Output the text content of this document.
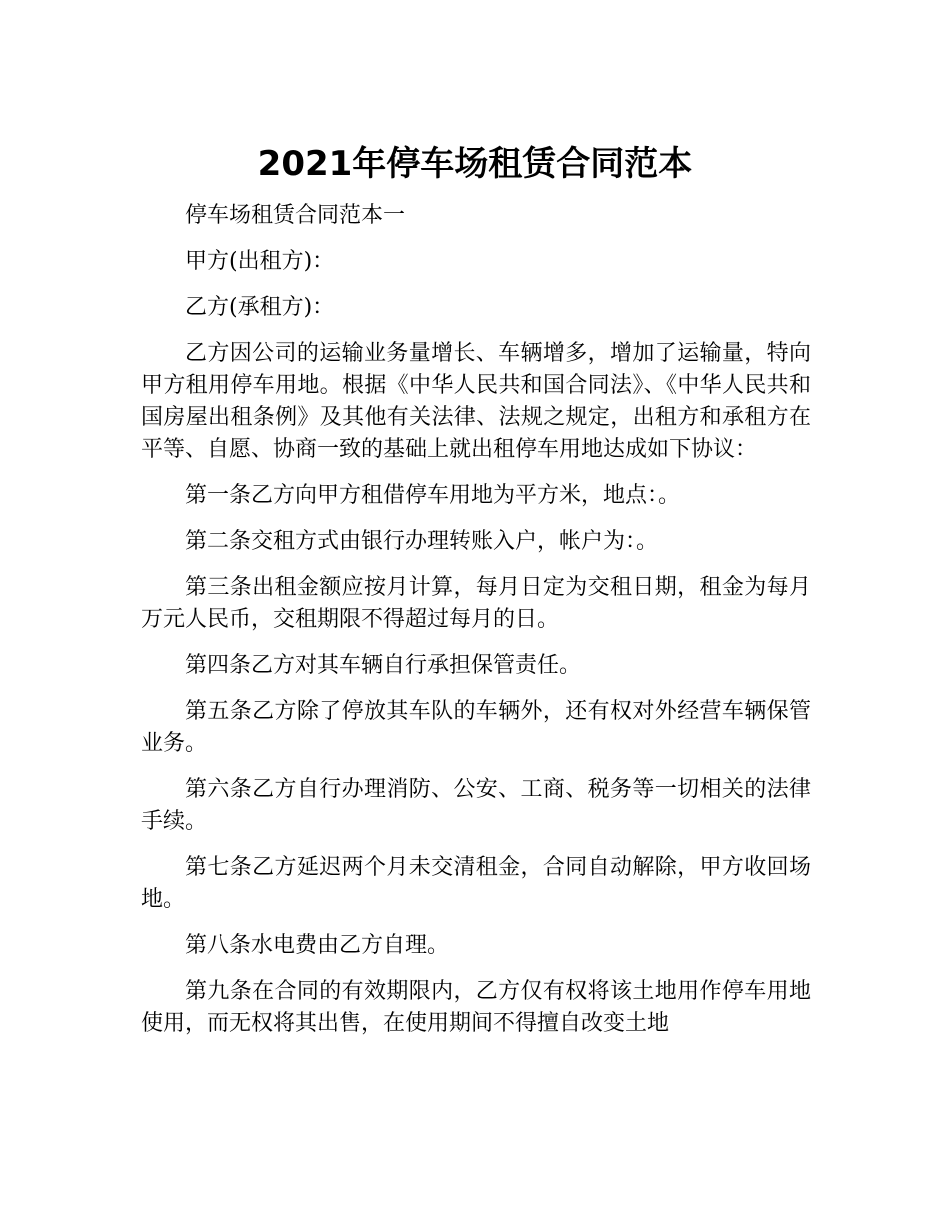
2021年停车场租赁合同范本

停车场租赁合同范本一

甲方(出租方)：

乙方(承租方)：

乙方因公司的运输业务量增长、车辆增多，增加了运输量，特向甲方租用停车用地。根据《中华人民共和国合同法》、《中华人民共和国房屋出租条例》及其他有关法律、法规之规定，出租方和承租方在平等、自愿、协商一致的基础上就出租停车用地达成如下协议：

第一条乙方向甲方租借停车用地为平方米，地点：。

第二条交租方式由银行办理转账入户，帐户为：。

第三条出租金额应按月计算，每月日定为交租日期，租金为每月万元人民币，交租期限不得超过每月的日。

第四条乙方对其车辆自行承担保管责任。

第五条乙方除了停放其车队的车辆外，还有权对外经营车辆保管业务。

第六条乙方自行办理消防、公安、工商、税务等一切相关的法律手续。

第七条乙方延迟两个月未交清租金，合同自动解除，甲方收回场地。

第八条水电费由乙方自理。

第九条在合同的有效期限内，乙方仅有权将该土地用作停车用地使用，而无权将其出售，在使用期间不得擅自改变土地
